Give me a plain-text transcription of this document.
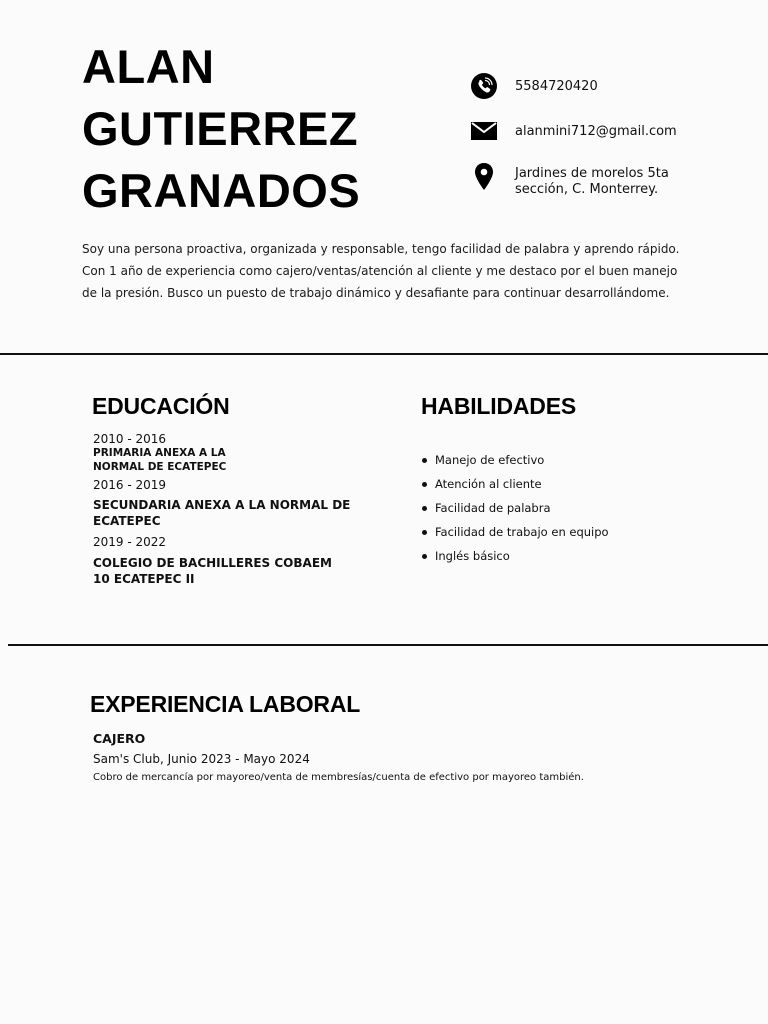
ALAN
GUTIERREZ
GRANADOS
5584720420
alanmini712@gmail.com
Jardines de morelos 5ta
sección, C. Monterrey.

Soy una persona proactiva, organizada y responsable, tengo facilidad de palabra y aprendo rápido. Con 1 año de experiencia como cajero/ventas/atención al cliente y me destaco por el buen manejo de la presión. Busco un puesto de trabajo dinámico y desafiante para continuar desarrollándome.

EDUCACIÓN
2010 - 2016
PRIMARIA ANEXA A LA
NORMAL DE ECATEPEC
2016 - 2019
SECUNDARIA ANEXA A LA NORMAL DE
ECATEPEC
2019 - 2022
COLEGIO DE BACHILLERES COBAEM
10 ECATEPEC II
HABILIDADES
Manejo de efectivo
Atención al cliente
Facilidad de palabra
Facilidad de trabajo en equipo
Inglés básico
EXPERIENCIA LABORAL
CAJERO
Sam's Club, Junio 2023 - Mayo 2024
Cobro de mercancía por mayoreo/venta de membresías/cuenta de efectivo por mayoreo también.
